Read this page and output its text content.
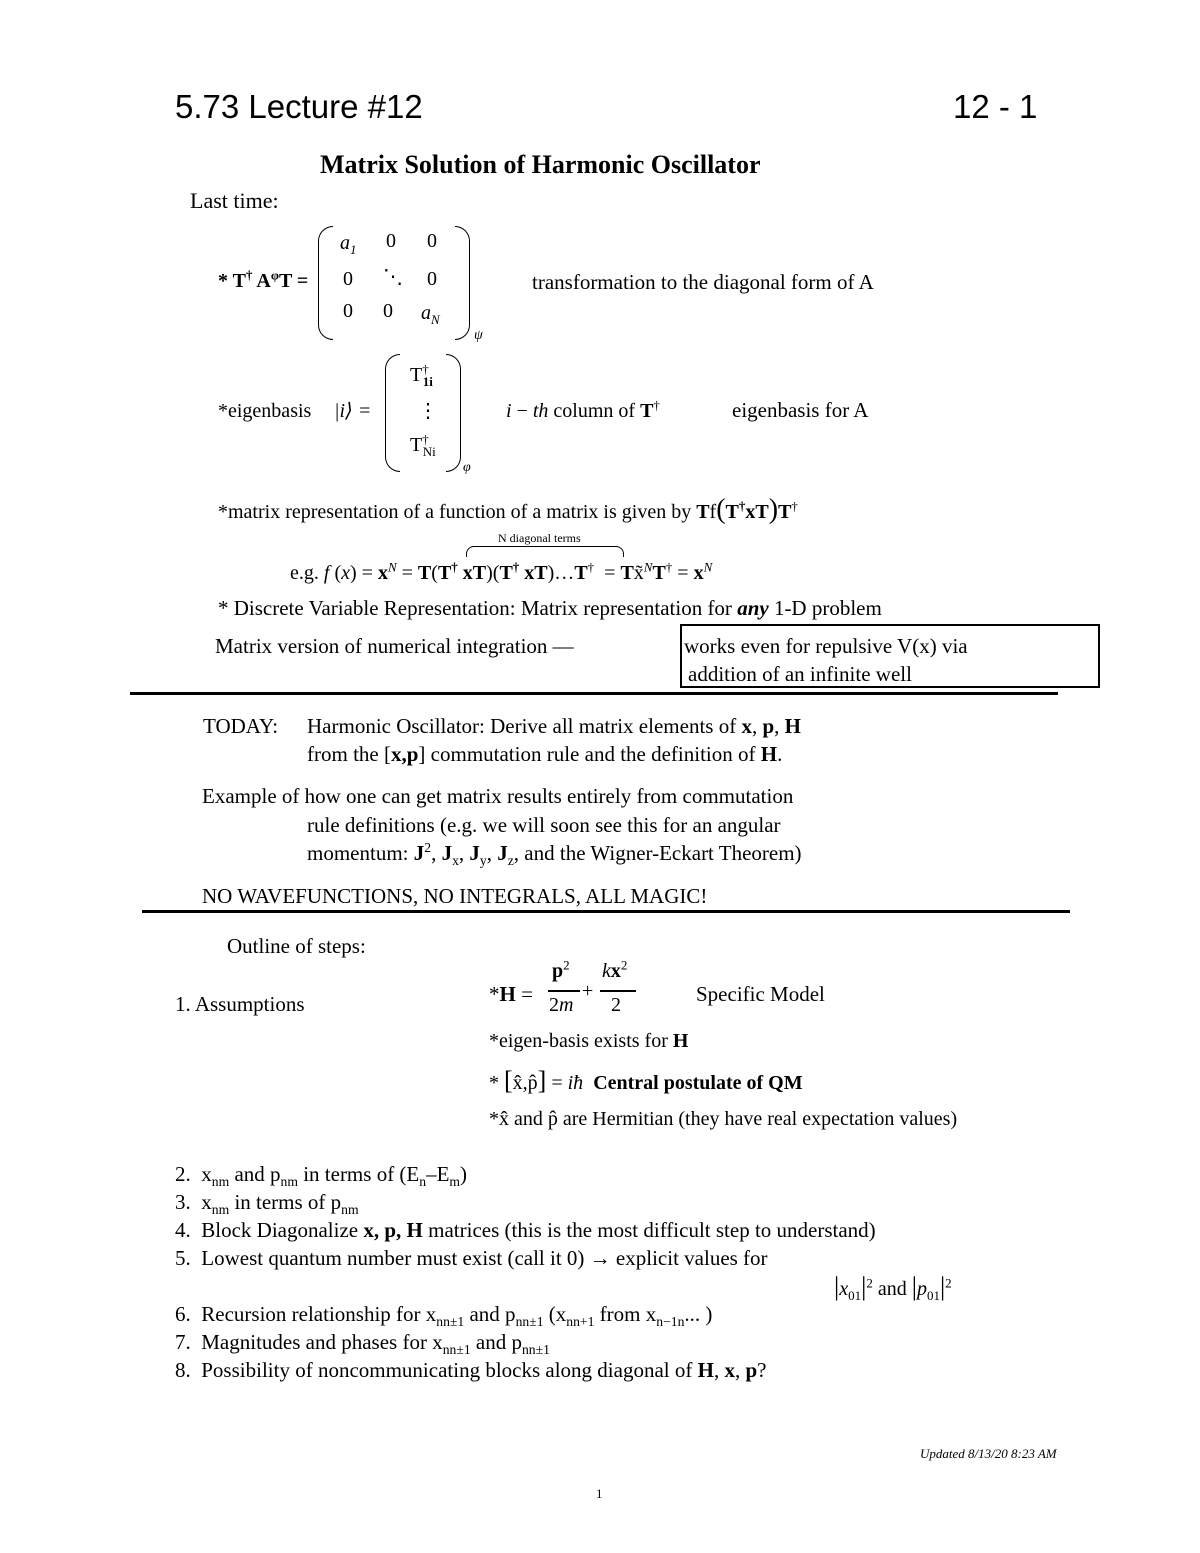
5.73 Lecture #12	12 - 1
Matrix Solution of Harmonic Oscillator
Last time:
* T† $A^\varphi T$ =
$a_1$ 0 0
0 ⋱ 0
0 0 $a_N$
ψ
transformation to the diagonal form of A
*eigenbasis |i⟩ =
$T^\dagger_{1i}$
⋮
$T^\dagger_{Ni}$
φ
i − th column of T†	eigenbasis for A
*matrix representation of a function of a matrix is given by Tf(T†xT)T†
N diagonal terms
e.g. f $(x) = x^N = T(T^\dagger$ xT)(T† xT)…T†  = Tx̃$^N$T† = $x^N$
* Discrete Variable Representation: Matrix representation for any 1-D problem
Matrix version of numerical integration —	works even for repulsive V(x) via
addition of an infinite well
TODAY: Harmonic Oscillator: Derive all matrix elements of x, p, H
from the [x,p] commutation rule and the definition of H.
Example of how one can get matrix results entirely from commutation
rule definitions (e.g. we will soon see this for an angular
momentum: $J^2$, $J_x$, $J_y$, $J_z$, and the Wigner-Eckart Theorem)
NO WAVEFUNCTIONS, NO INTEGRALS, ALL MAGIC!
Outline of steps:
1. Assumptions	*H =
$p^2$
2m
+
$kx^2$
2	Specific Model
*eigen-basis exists for H
* [x̂,p̂] = iħ Central postulate of QM
*x̂ and p̂ are Hermitian (they have real expectation values)
2.  $x_{nm}$ and $p_{nm}$ in terms of $(E_n-E_m)$
3.  $x_{nm}$ in terms of $p_{nm}$
4.  Block Diagonalize x, p, H matrices (this is the most difficult step to understand)
5.  Lowest quantum number must exist (call it 0) → explicit values for
$|x_{01}|^2$ and $|p_{01}|^2$
6.  Recursion relationship for $x_{nn\pm 1}$ and $p_{nn\pm 1}$ ($x_{nn+1}$ from $x_{n-1n}$... )
7.  Magnitudes and phases for $x_{nn\pm 1}$ and $p_{nn\pm 1}$
8.  Possibility of noncommunicating blocks along diagonal of H, x, p?
Updated 8/13/20 8:23 AM
1
